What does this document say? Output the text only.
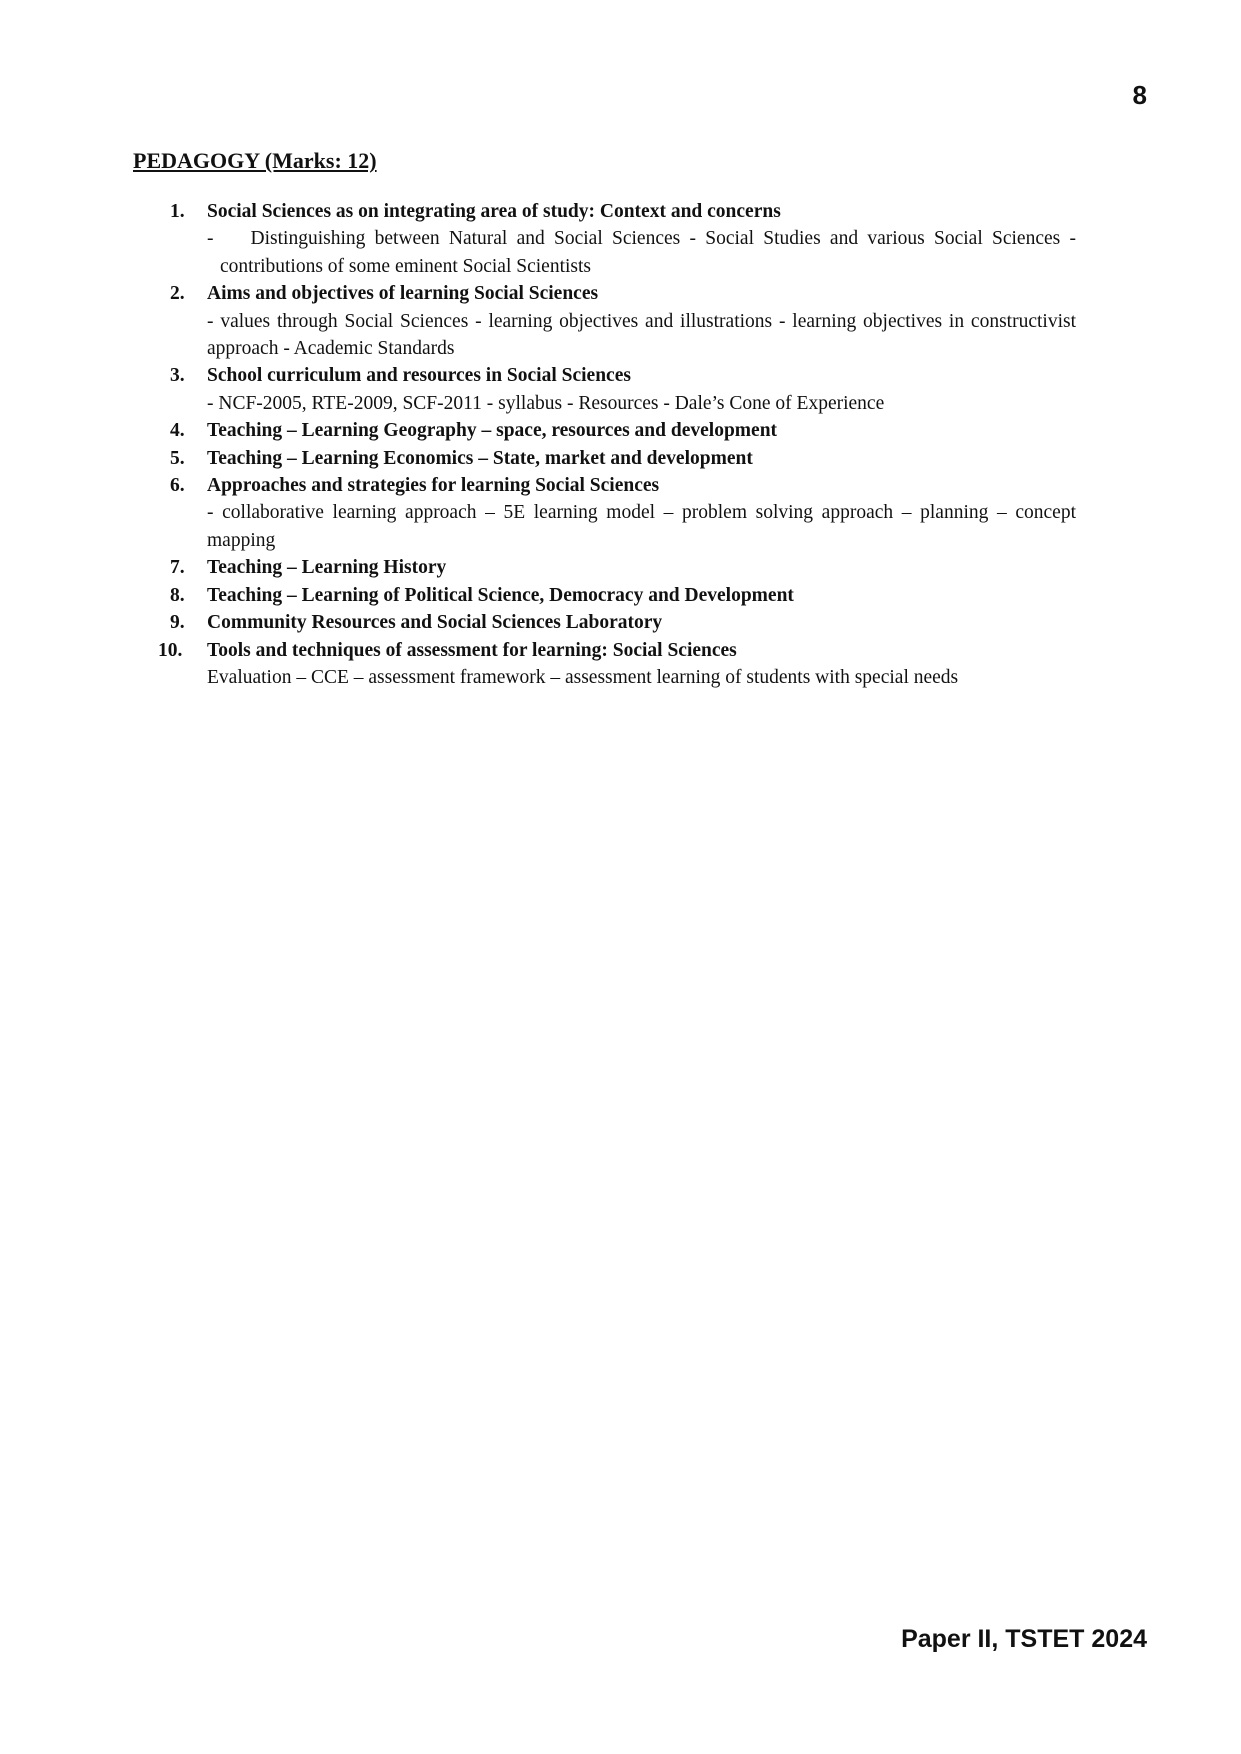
8
PEDAGOGY (Marks: 12)
1. Social Sciences as on integrating area of study: Context and concerns
-    Distinguishing between Natural and Social Sciences - Social Studies and various Social Sciences - contributions of some eminent Social Scientists
2. Aims and objectives of learning Social Sciences
- values through Social Sciences - learning objectives and illustrations - learning objectives in constructivist approach - Academic Standards
3. School curriculum and resources in Social Sciences
- NCF-2005, RTE-2009, SCF-2011 - syllabus - Resources - Dale’s Cone of Experience
4. Teaching – Learning Geography – space, resources and development
5. Teaching – Learning Economics – State, market and development
6. Approaches and strategies for learning Social Sciences
- collaborative learning approach – 5E learning model – problem solving approach – planning – concept mapping
7. Teaching – Learning History
8. Teaching – Learning of Political Science, Democracy and Development
9. Community Resources and Social Sciences Laboratory
10. Tools and techniques of assessment for learning: Social Sciences
Evaluation – CCE – assessment framework – assessment learning of students with special needs
Paper II, TSTET 2024
